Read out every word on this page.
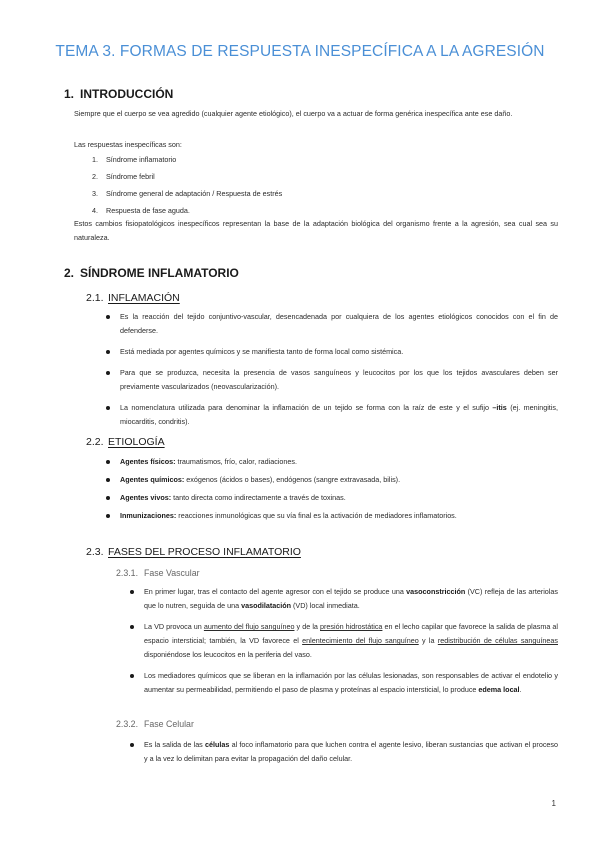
TEMA 3. FORMAS DE RESPUESTA INESPECÍFICA A LA AGRESIÓN
1. INTRODUCCIÓN
Siempre que el cuerpo se vea agredido (cualquier agente etiológico), el cuerpo va a actuar de forma genérica inespecífica ante ese daño.
Las respuestas inespecíficas son:
1. Síndrome inflamatorio
2. Síndrome febril
3. Síndrome general de adaptación / Respuesta de estrés
4. Respuesta de fase aguda.
Estos cambios fisiopatológicos inespecíficos representan la base de la adaptación biológica del organismo frente a la agresión, sea cual sea su naturaleza.
2. SÍNDROME INFLAMATORIO
2.1. INFLAMACIÓN
Es la reacción del tejido conjuntivo-vascular, desencadenada por cualquiera de los agentes etiológicos conocidos con el fin de defenderse.
Está mediada por agentes químicos y se manifiesta tanto de forma local como sistémica.
Para que se produzca, necesita la presencia de vasos sanguíneos y leucocitos por los que los tejidos avasculares deben ser previamente vascularizados (neovascularización).
La nomenclatura utilizada para denominar la inflamación de un tejido se forma con la raíz de este y el sufijo –itis (ej. meningitis, miocarditis, condritis).
2.2. ETIOLOGÍA
Agentes físicos: traumatismos, frío, calor, radiaciones.
Agentes químicos: exógenos (ácidos o bases), endógenos (sangre extravasada, bilis).
Agentes vivos: tanto directa como indirectamente a través de toxinas.
Inmunizaciones: reacciones inmunológicas que su vía final es la activación de mediadores inflamatorios.
2.3. FASES DEL PROCESO INFLAMATORIO
2.3.1. Fase Vascular
En primer lugar, tras el contacto del agente agresor con el tejido se produce una vasoconstricción (VC) refleja de las arteriolas que lo nutren, seguida de una vasodilatación (VD) local inmediata.
La VD provoca un aumento del flujo sanguíneo y de la presión hidrostática en el lecho capilar que favorece la salida de plasma al espacio intersticial; también, la VD favorece el enlentecimiento del flujo sanguíneo y la redistribución de células sanguíneas disponiéndose los leucocitos en la periferia del vaso.
Los mediadores químicos que se liberan en la inflamación por las células lesionadas, son responsables de activar el endotelio y aumentar su permeabilidad, permitiendo el paso de plasma y proteínas al espacio intersticial, lo produce edema local.
2.3.2. Fase Celular
Es la salida de las células al foco inflamatorio para que luchen contra el agente lesivo, liberan sustancias que activan el proceso y a la vez lo delimitan para evitar la propagación del daño celular.
1
